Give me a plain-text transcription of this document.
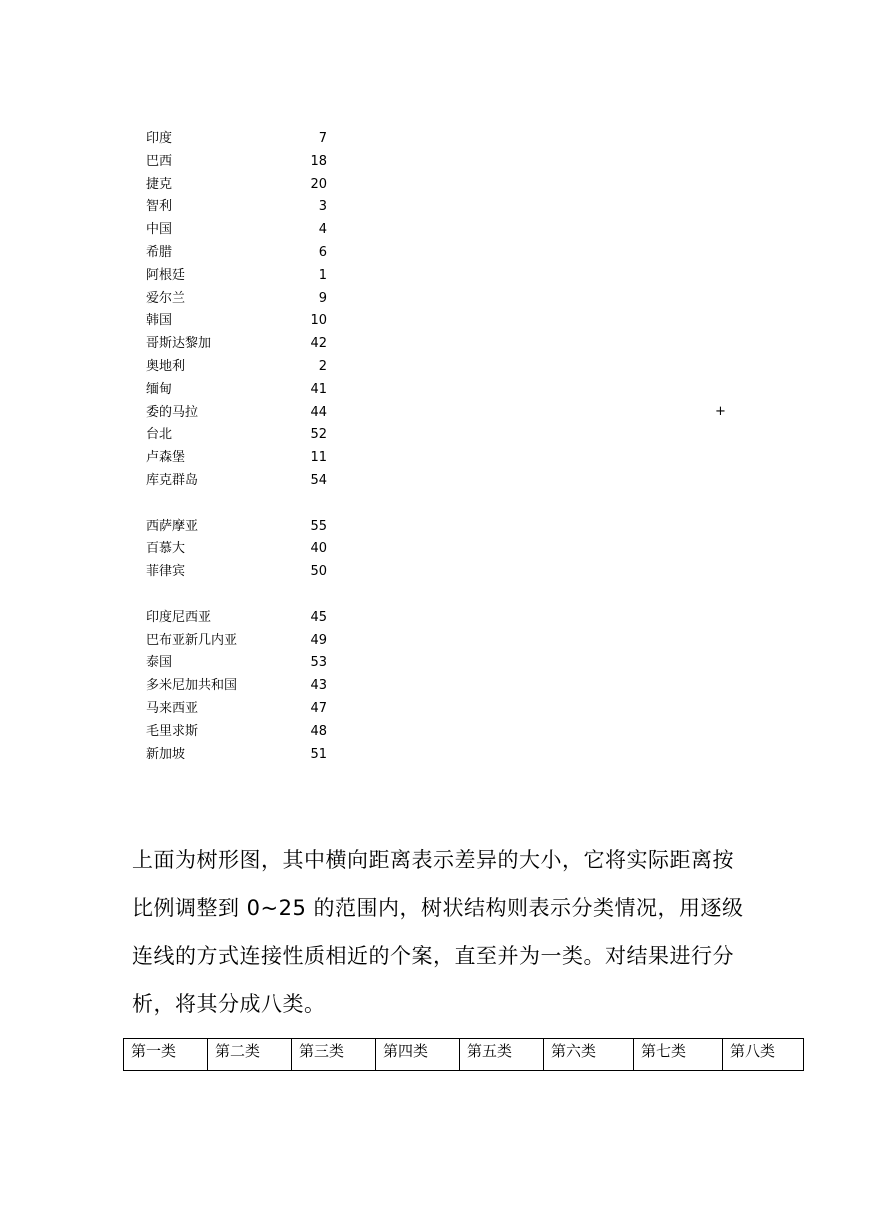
印度	7
巴西	18
捷克	20
智利	3
中国	4
希腊	6
阿根廷	1
爱尔兰	9
韩国	10
哥斯达黎加	42
奥地利	2
缅甸	41
委的马拉	44
台北	52
卢森堡	11
库克群岛	54
西萨摩亚	55
百慕大	40
菲律宾	50
印度尼西亚	45
巴布亚新几内亚	49
泰国	53
多米尼加共和国	43
马来西亚	47
毛里求斯	48
新加坡	51
+

上面为树形图，其中横向距离表示差异的大小，它将实际距离按比例调整到 0~25 的范围内，树状结构则表示分类情况，用逐级连线的方式连接性质相近的个案，直至并为一类。对结果进行分析，将其分成八类。

第一类	第二类	第三类	第四类	第五类	第六类	第七类	第八类
